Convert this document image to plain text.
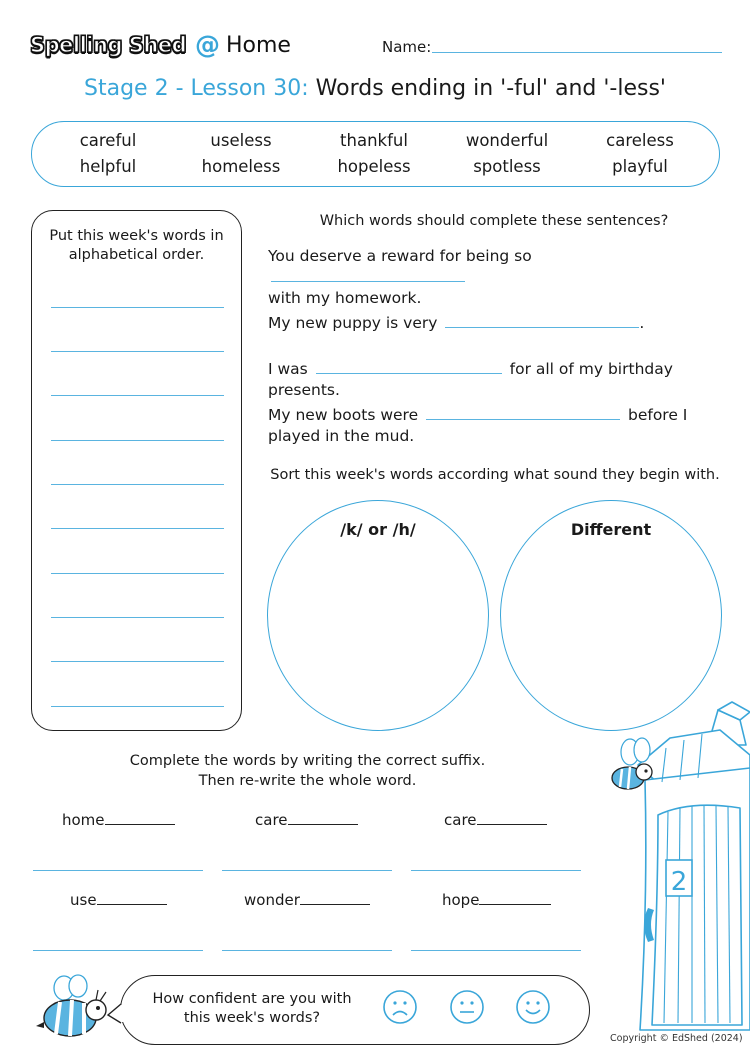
Spelling Shed @ Home	Name:
Stage 2 - Lesson 30: Words ending in '-ful' and '-less'
careful	useless	thankful	wonderful	careless
helpful	homeless	hopeless	spotless	playful
Put this week's words in alphabetical order.
Which words should complete these sentences?
You deserve a reward for being so
with my homework.
My new puppy is very	.
I was	for all of my birthday presents.
My new boots were	before I played in the mud.
Sort this week's words according what sound they begin with.
/k/ or /h/	Different
Complete the words by writing the correct suffix.
Then re-write the whole word.
home	care	care
use	wonder	hope
2
How confident are you with this week's words?
Copyright © EdShed (2024)
